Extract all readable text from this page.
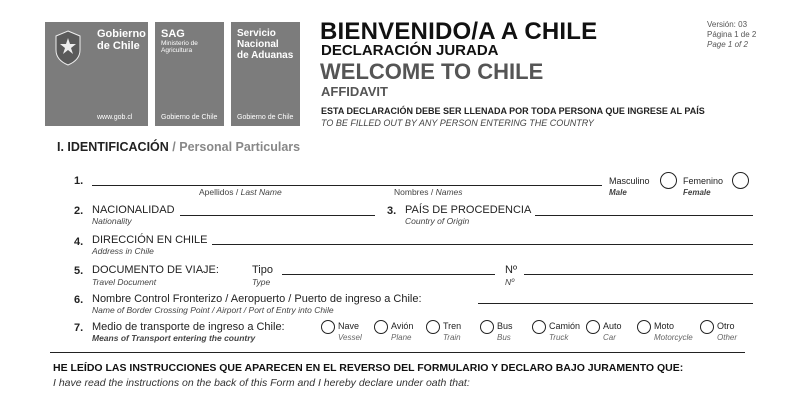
Gobierno
de Chile
www.gob.cl
SAG
Ministerio de
Agricultura
Gobierno de Chile
Servicio
Nacional
de Aduanas
Gobierno de Chile
BIENVENIDO/A A CHILE
DECLARACIÓN JURADA
WELCOME TO CHILE
AFFIDAVIT
ESTA DECLARACIÓN DEBE SER LLENADA POR TODA PERSONA QUE INGRESE AL PAÍS
TO BE FILLED OUT BY ANY PERSON ENTERING THE COUNTRY
Versión: 03
Página 1 de 2
Page 1 of 2
I. IDENTIFICACIÓN / Personal Particulars
1.
Apellidos / Last Name	Nombres / Names
Masculino
Male
Femenino
Female
2. NACIONALIDAD
Nationality
3. PAÍS DE PROCEDENCIA
Country of Origin
4. DIRECCIÓN EN CHILE
Address in Chile
5. DOCUMENTO DE VIAJE:
Travel Document
Tipo
Type
Nº
Nº
6. Nombre Control Fronterizo / Aeropuerto / Puerto de ingreso a Chile:
Name of Border Crossing Point / Airport / Port of Entry into Chile
7. Medio de transporte de ingreso a Chile:
Means of Transport entering the country
Nave
Vessel
Avión
Plane
Tren
Train
Bus
Bus
Camión
Truck
Auto
Car
Moto
Motorcycle
Otro
Other
HE LEÍDO LAS INSTRUCCIONES QUE APARECEN EN EL REVERSO DEL FORMULARIO Y DECLARO BAJO JURAMENTO QUE:
I have read the instructions on the back of this Form and I hereby declare under oath that:
